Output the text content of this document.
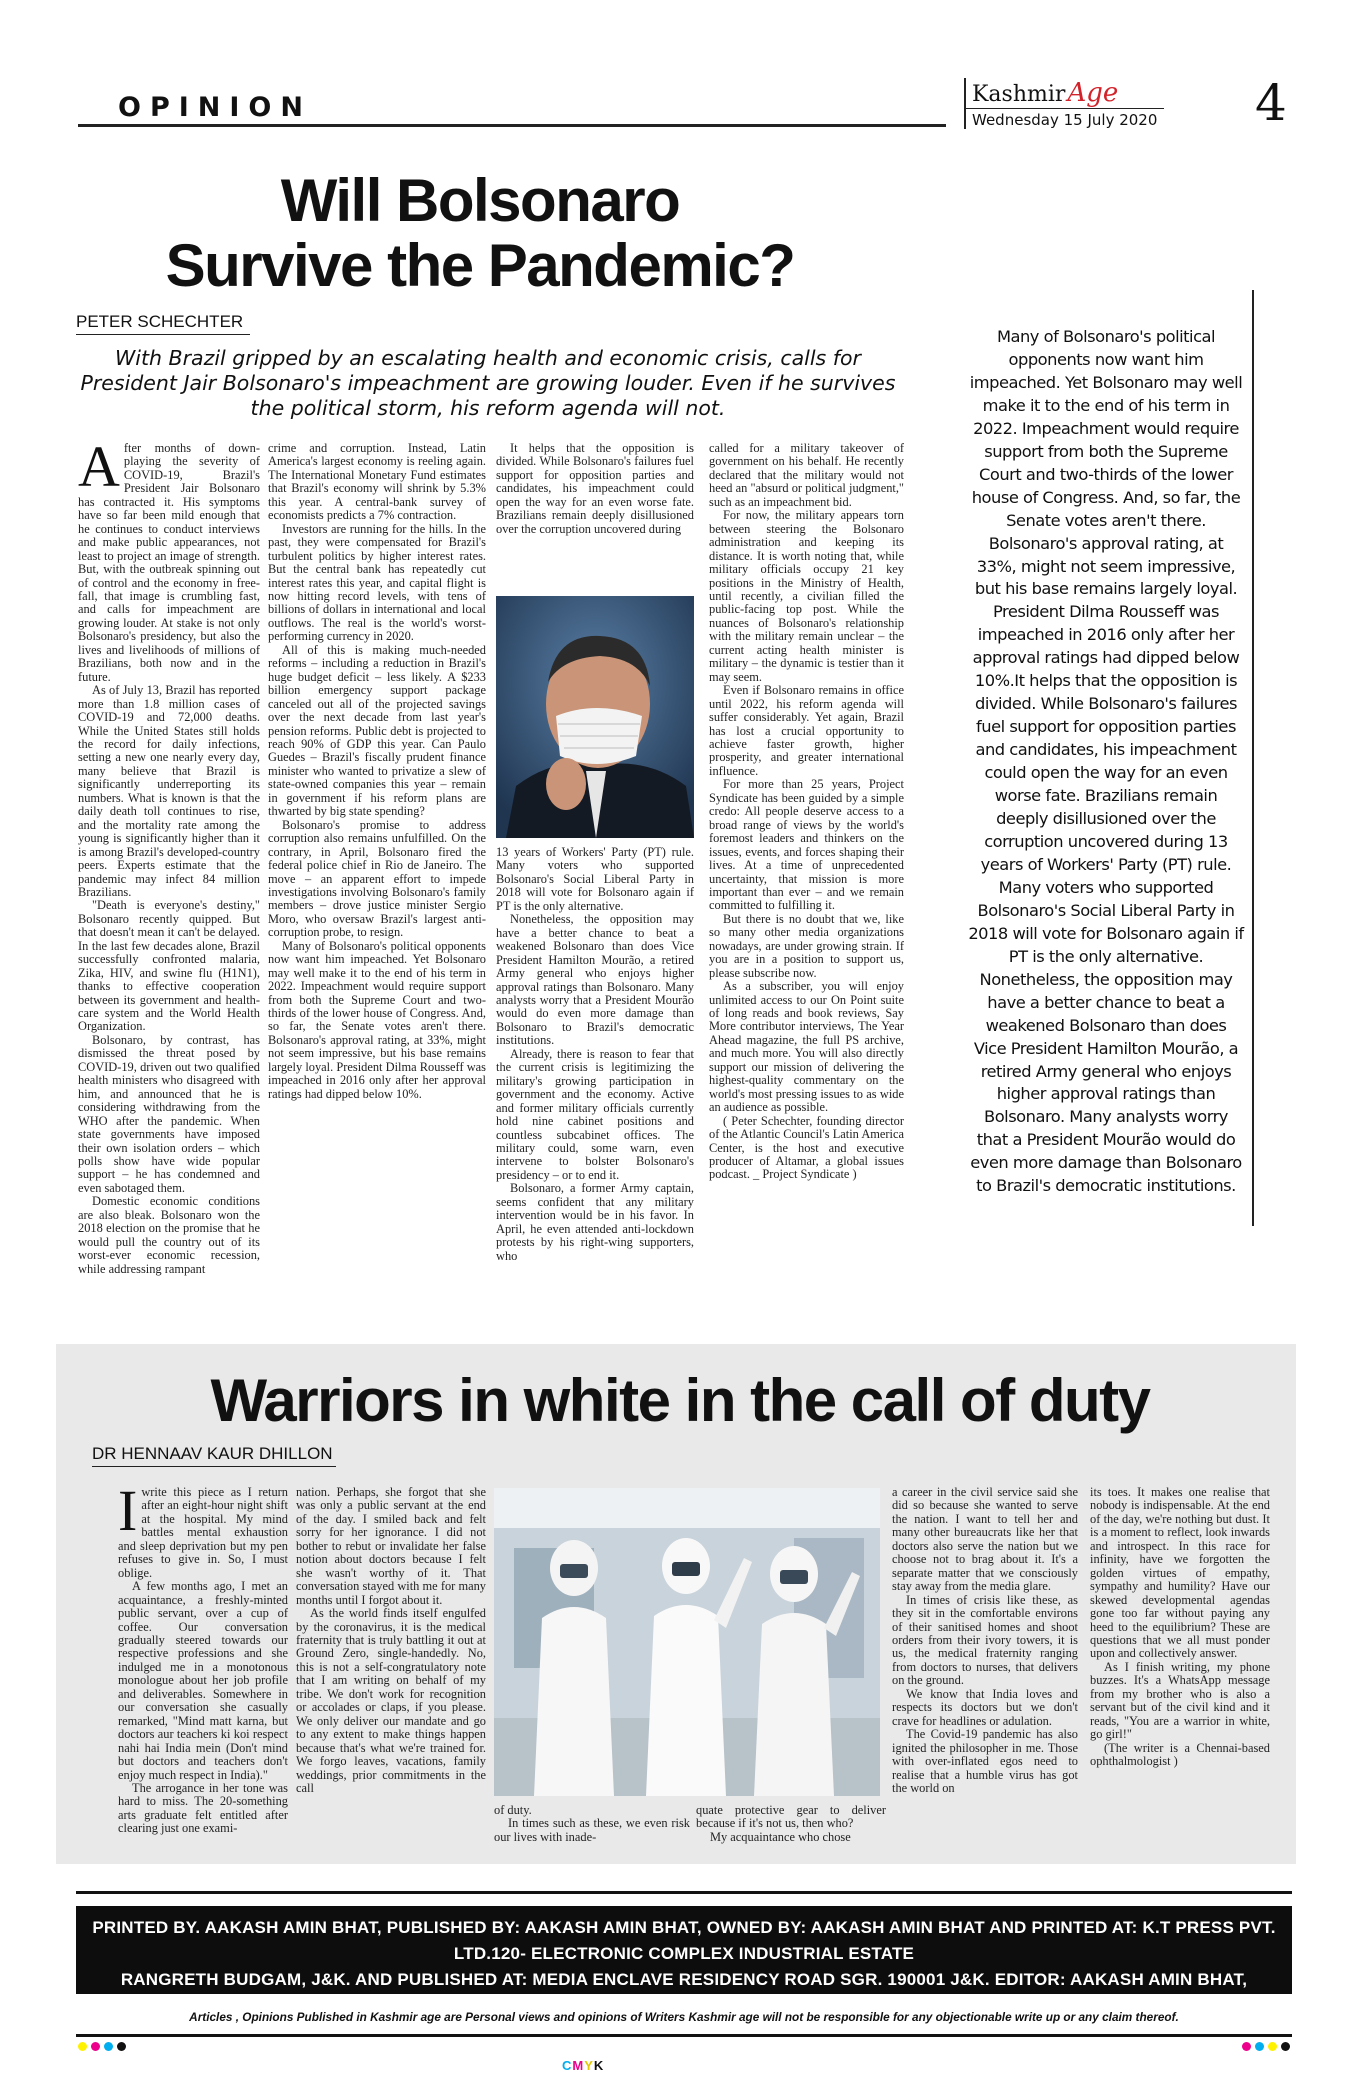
OPINION	Kashmir Age
Wednesday 15 July 2020 4
Will Bolsonaro
Survive the Pandemic?
PETER SCHECHTER
With Brazil gripped by an escalating health and economic crisis, calls for President Jair Bolsonaro's impeachment are growing louder. Even if he survives the political storm, his reform agenda will not.

After months of down-playing the severity of COVID-19, Brazil's President Jair Bolsonaro has contracted it. His symptoms have so far been mild enough that he continues to conduct interviews and make public appearances, not least to project an image of strength. But, with the outbreak spinning out of control and the economy in free-fall, that image is crumbling fast, and calls for impeachment are growing louder. At stake is not only Bolsonaro's presidency, but also the lives and livelihoods of millions of Brazilians, both now and in the future.

As of July 13, Brazil has reported more than 1.8 million cases of COVID-19 and 72,000 deaths. While the United States still holds the record for daily infections, setting a new one nearly every day, many believe that Brazil is significantly underreporting its numbers. What is known is that the daily death toll continues to rise, and the mortality rate among the young is significantly higher than it is among Brazil's developed-country peers. Experts estimate that the pandemic may infect 84 million Brazilians.

"Death is everyone's destiny," Bolsonaro recently quipped. But that doesn't mean it can't be delayed. In the last few decades alone, Brazil successfully confronted malaria, Zika, HIV, and swine flu (H1N1), thanks to effective cooperation between its government and health-care system and the World Health Organization.

Bolsonaro, by contrast, has dismissed the threat posed by COVID-19, driven out two qualified health ministers who disagreed with him, and announced that he is considering withdrawing from the WHO after the pandemic. When state governments have imposed their own isolation orders – which polls show have wide popular support – he has condemned and even sabotaged them.

Domestic economic conditions are also bleak. Bolsonaro won the 2018 election on the promise that he would pull the country out of its worst-ever economic recession, while addressing rampant

crime and corruption. Instead, Latin America's largest economy is reeling again. The International Monetary Fund estimates that Brazil's economy will shrink by 5.3% this year. A central-bank survey of economists predicts a 7% contraction.

Investors are running for the hills. In the past, they were compensated for Brazil's turbulent politics by higher interest rates. But the central bank has repeatedly cut interest rates this year, and capital flight is now hitting record levels, with tens of billions of dollars in international and local outflows. The real is the world's worst-performing currency in 2020.

All of this is making much-needed reforms – including a reduction in Brazil's huge budget deficit – less likely. A $233 billion emergency support package canceled out all of the projected savings over the next decade from last year's pension reforms. Public debt is projected to reach 90% of GDP this year. Can Paulo Guedes – Brazil's fiscally prudent finance minister who wanted to privatize a slew of state-owned companies this year – remain in government if his reform plans are thwarted by big state spending?

Bolsonaro's promise to address corruption also remains unfulfilled. On the contrary, in April, Bolsonaro fired the federal police chief in Rio de Janeiro. The move – an apparent effort to impede investigations involving Bolsonaro's family members – drove justice minister Sergio Moro, who oversaw Brazil's largest anti-corruption probe, to resign.

Many of Bolsonaro's political opponents now want him impeached. Yet Bolsonaro may well make it to the end of his term in 2022. Impeachment would require support from both the Supreme Court and two-thirds of the lower house of Congress. And, so far, the Senate votes aren't there. Bolsonaro's approval rating, at 33%, might not seem impressive, but his base remains largely loyal. President Dilma Rousseff was impeached in 2016 only after her approval ratings had dipped below 10%.

It helps that the opposition is divided. While Bolsonaro's failures fuel support for opposition parties and candidates, his impeachment could open the way for an even worse fate. Brazilians remain deeply disillusioned over the corruption uncovered during

13 years of Workers' Party (PT) rule. Many voters who supported Bolsonaro's Social Liberal Party in 2018 will vote for Bolsonaro again if PT is the only alternative.

Nonetheless, the opposition may have a better chance to beat a weakened Bolsonaro than does Vice President Hamilton Mourão, a retired Army general who enjoys higher approval ratings than Bolsonaro. Many analysts worry that a President Mourão would do even more damage than Bolsonaro to Brazil's democratic institutions.

Already, there is reason to fear that the current crisis is legitimizing the military's growing participation in government and the economy. Active and former military officials currently hold nine cabinet positions and countless subcabinet offices. The military could, some warn, even intervene to bolster Bolsonaro's presidency – or to end it.

Bolsonaro, a former Army captain, seems confident that any military intervention would be in his favor. In April, he even attended anti-lockdown protests by his right-wing supporters, who

called for a military takeover of government on his behalf. He recently declared that the military would not heed an "absurd or political judgment," such as an impeachment bid.

For now, the military appears torn between steering the Bolsonaro administration and keeping its distance. It is worth noting that, while military officials occupy 21 key positions in the Ministry of Health, until recently, a civilian filled the public-facing top post. While the nuances of Bolsonaro's relationship with the military remain unclear – the current acting health minister is military – the dynamic is testier than it may seem.

Even if Bolsonaro remains in office until 2022, his reform agenda will suffer considerably. Yet again, Brazil has lost a crucial opportunity to achieve faster growth, higher prosperity, and greater international influence.

For more than 25 years, Project Syndicate has been guided by a simple credo: All people deserve access to a broad range of views by the world's foremost leaders and thinkers on the issues, events, and forces shaping their lives. At a time of unprecedented uncertainty, that mission is more important than ever – and we remain committed to fulfilling it.

But there is no doubt that we, like so many other media organizations nowadays, are under growing strain. If you are in a position to support us, please subscribe now.

As a subscriber, you will enjoy unlimited access to our On Point suite of long reads and book reviews, Say More contributor interviews, The Year Ahead magazine, the full PS archive, and much more. You will also directly support our mission of delivering the highest-quality commentary on the world's most pressing issues to as wide an audience as possible.

( Peter Schechter, founding director of the Atlantic Council's Latin America Center, is the host and executive producer of Altamar, a global issues podcast. _ Project Syndicate )

Many of Bolsonaro's political opponents now want him impeached. Yet Bolsonaro may well make it to the end of his term in 2022. Impeachment would require support from both the Supreme Court and two-thirds of the lower house of Congress. And, so far, the Senate votes aren't there. Bolsonaro's approval rating, at 33%, might not seem impressive, but his base remains largely loyal. President Dilma Rousseff was impeached in 2016 only after her approval ratings had dipped below 10%.It helps that the opposition is divided. While Bolsonaro's failures fuel support for opposition parties and candidates, his impeachment could open the way for an even worse fate. Brazilians remain deeply disillusioned over the corruption uncovered during 13 years of Workers' Party (PT) rule. Many voters who supported Bolsonaro's Social Liberal Party in 2018 will vote for Bolsonaro again if PT is the only alternative. Nonetheless, the opposition may have a better chance to beat a weakened Bolsonaro than does Vice President Hamilton Mourão, a retired Army general who enjoys higher approval ratings than Bolsonaro. Many analysts worry that a President Mourão would do even more damage than Bolsonaro to Brazil's democratic institutions.
Warriors in white in the call of duty
DR HENNAAV KAUR DHILLON

Iwrite this piece as I return after an eight-hour night shift at the hospital. My mind battles mental exhaustion and sleep deprivation but my pen refuses to give in. So, I must oblige.

A few months ago, I met an acquaintance, a freshly-minted public servant, over a cup of coffee. Our conversation gradually steered towards our respective professions and she indulged me in a monotonous monologue about her job profile and deliverables. Somewhere in our conversation she casually remarked, "Mind matt karna, but doctors aur teachers ki koi respect nahi hai India mein (Don't mind but doctors and teachers don't enjoy much respect in India)."

The arrogance in her tone was hard to miss. The 20-something arts graduate felt entitled after clearing just one exami-

nation. Perhaps, she forgot that she was only a public servant at the end of the day. I smiled back and felt sorry for her ignorance. I did not bother to rebut or invalidate her false notion about doctors because I felt she wasn't worthy of it. That conversation stayed with me for many months until I forgot about it.

As the world finds itself engulfed by the coronavirus, it is the medical fraternity that is truly battling it out at Ground Zero, single-handedly. No, this is not a self-congratulatory note that I am writing on behalf of my tribe. We don't work for recognition or accolades or claps, if you please. We only deliver our mandate and go to any extent to make things happen because that's what we're trained for. We forgo leaves, vacations, family weddings, prior commitments in the call

of duty.

In times such as these, we even risk our lives with inade-

quate protective gear to deliver because if it's not us, then who?

My acquaintance who chose

a career in the civil service said she did so because she wanted to serve the nation. I want to tell her and many other bureaucrats like her that doctors also serve the nation but we choose not to brag about it. It's a separate matter that we consciously stay away from the media glare.

In times of crisis like these, as they sit in the comfortable environs of their sanitised homes and shoot orders from their ivory towers, it is us, the medical fraternity ranging from doctors to nurses, that delivers on the ground.

We know that India loves and respects its doctors but we don't crave for headlines or adulation.

The Covid-19 pandemic has also ignited the philosopher in me. Those with over-inflated egos need to realise that a humble virus has got the world on

its toes. It makes one realise that nobody is indispensable. At the end of the day, we're nothing but dust. It is a moment to reflect, look inwards and introspect. In this race for infinity, have we forgotten the golden virtues of empathy, sympathy and humility? Have our skewed developmental agendas gone too far without paying any heed to the equilibrium? These are questions that we all must ponder upon and collectively answer.

As I finish writing, my phone buzzes. It's a WhatsApp message from my brother who is also a servant but of the civil kind and it reads, "You are a warrior in white, go girl!"

(The writer is a Chennai-based ophthalmologist )

PRINTED BY. AAKASH AMIN BHAT, PUBLISHED BY: AAKASH AMIN BHAT, OWNED BY: AAKASH AMIN BHAT AND PRINTED AT: K.T PRESS PVT. LTD.120- ELECTRONIC COMPLEX INDUSTRIAL ESTATE
RANGRETH BUDGAM, J&K. AND PUBLISHED AT: MEDIA ENCLAVE RESIDENCY ROAD SGR. 190001 J&K. EDITOR: AAKASH AMIN BHAT, JKENG/2006/23952
Articles , Opinions Published in Kashmir age are Personal views and opinions of Writers Kashmir age will not be responsible for any objectionable write up or any claim thereof.
CMYK
